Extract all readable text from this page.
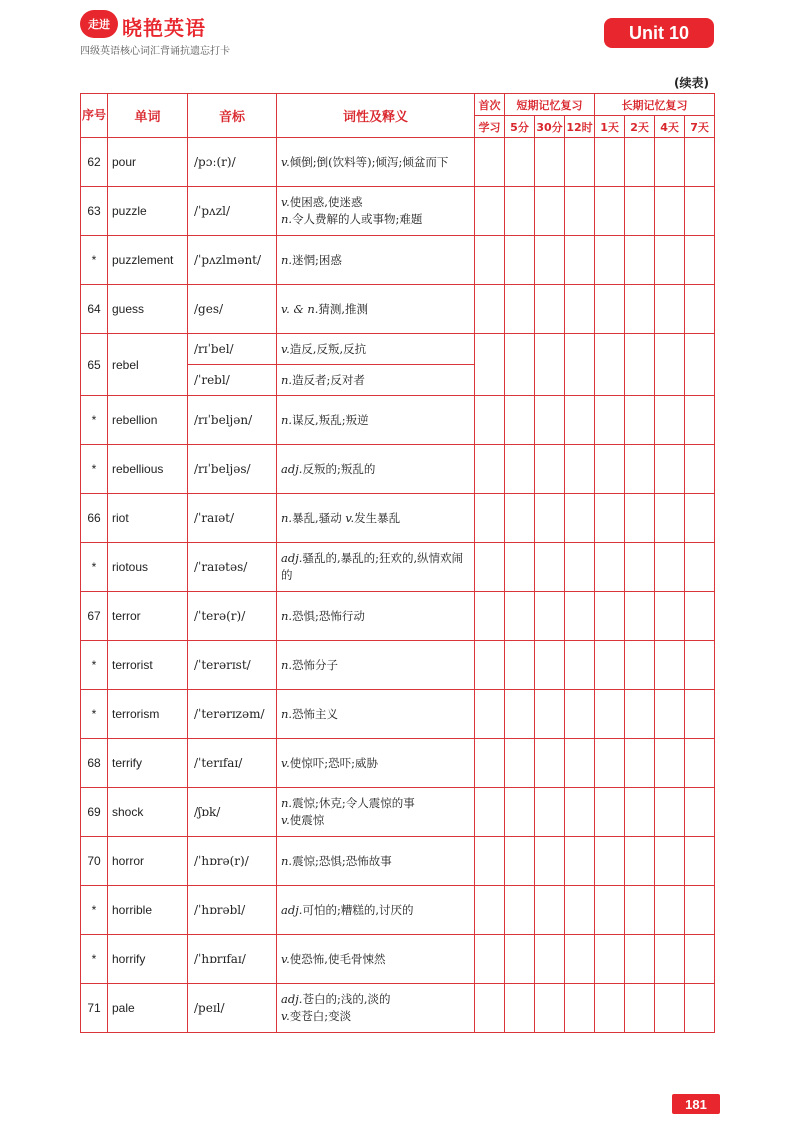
走进 晓艳英语
四级英语核心词汇背诵抗遗忘打卡
Unit 10
(续表)
序号	单词	音标	词性及释义	首次	短期记忆复习			长期记忆复习			
				学习	5分	30分	12时	1天	2天	4天	7天
62	pour	/pɔː(r)/	v.倾倒;倒(饮料等);倾泻;倾盆而下								

63	puzzle	/ˈpʌzl/	v.使困惑,使迷惑
n.令人费解的人或事物;难题								

*	puzzlement	/ˈpʌzlmənt/	n.迷惘;困惑								

64	guess	/ges/	v. & n.猜测,推测								

65	rebel	/rɪˈbel/	v.造反,反叛,反抗								

		/ˈrebl/	n.造反者;反对者								

*	rebellion	/rɪˈbeljən/	n.谋反,叛乱;叛逆								

*	rebellious	/rɪˈbeljəs/	adj.反叛的;叛乱的								

66	riot	/ˈraɪət/	n.暴乱,骚动 v.发生暴乱								
*	riotous	/ˈraɪətəs/	adj.骚乱的,暴乱的;狂欢的,纵情欢闹的								

67	terror	/ˈterə(r)/	n.恐惧;恐怖行动								

*	terrorist	/ˈterərɪst/	n.恐怖分子								

*	terrorism	/ˈterərɪzəm/	n.恐怖主义								

68	terrify	/ˈterɪfaɪ/	v.使惊吓;恐吓;威胁								

69	shock	/ʃɒk/	n.震惊;休克;令人震惊的事
v.使震惊								

70	horror	/ˈhɒrə(r)/	n.震惊;恐惧;恐怖故事								

*	horrible	/ˈhɒrəbl/	adj.可怕的;糟糕的,讨厌的								

*	horrify	/ˈhɒrɪfaɪ/	v.使恐怖,使毛骨悚然								

71	pale	/peɪl/	adj.苍白的;浅的,淡的
v.变苍白;变淡								

181
